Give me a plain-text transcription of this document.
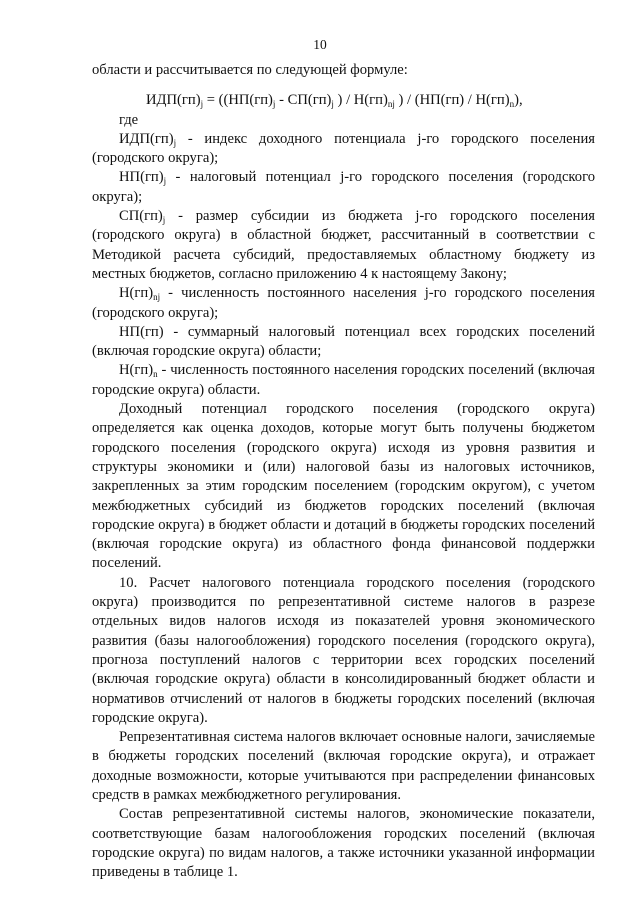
10

области и рассчитывается по следующей формуле:

$ИДП(гп)_j = ((НП(гп)_j - СП(гп)_j$ ) / $Н(гп)_{nj}$ ) / $(НП(гп) / Н(гп)_n)$,

где

$ИДП(гп)_j$ - индекс доходного потенциала j-го городского поселения (городского округа);

$НП(гп)_j$ - налоговый потенциал j-го городского поселения (городского округа);

$СП(гп)_j$ - размер субсидии из бюджета j-го городского поселения (городского округа) в областной бюджет, рассчитанный в соответствии с Методикой расчета субсидий, предоставляемых областному бюджету из местных бюджетов, согласно приложению 4 к настоящему Закону;

$Н(гп)_{nj}$ - численность постоянного населения j-го городского поселения (городского округа);

НП(гп) - суммарный налоговый потенциал всех городских поселений (включая городские округа) области;

$Н(гп)_n$ - численность постоянного населения городских поселений (включая городские округа) области.

Доходный потенциал городского поселения (городского округа) определяется как оценка доходов, которые могут быть получены бюджетом городского поселения (городского округа) исходя из уровня развития и структуры экономики и (или) налоговой базы из налоговых источников, закрепленных за этим городским поселением (городским округом), с учетом межбюджетных субсидий из бюджетов городских поселений (включая городские округа) в бюджет области и дотаций в бюджеты городских поселений (включая городские округа) из областного фонда финансовой поддержки поселений.

10. Расчет налогового потенциала городского поселения (городского округа) производится по репрезентативной системе налогов в разрезе отдельных видов налогов исходя из показателей уровня экономического развития (базы налогообложения) городского поселения (городского округа), прогноза поступлений налогов с территории всех городских поселений (включая городские округа) области в консолидированный бюджет области и нормативов отчислений от налогов в бюджеты городских поселений (включая городские округа).

Репрезентативная система налогов включает основные налоги, зачисляемые в бюджеты городских поселений (включая городские округа), и отражает доходные возможности, которые учитываются при распределении финансовых средств в рамках межбюджетного регулирования.

Состав репрезентативной системы налогов, экономические показатели, соответствующие базам налогообложения городских поселений (включая городские округа) по видам налогов, а также источники указанной информации приведены в таблице 1.
